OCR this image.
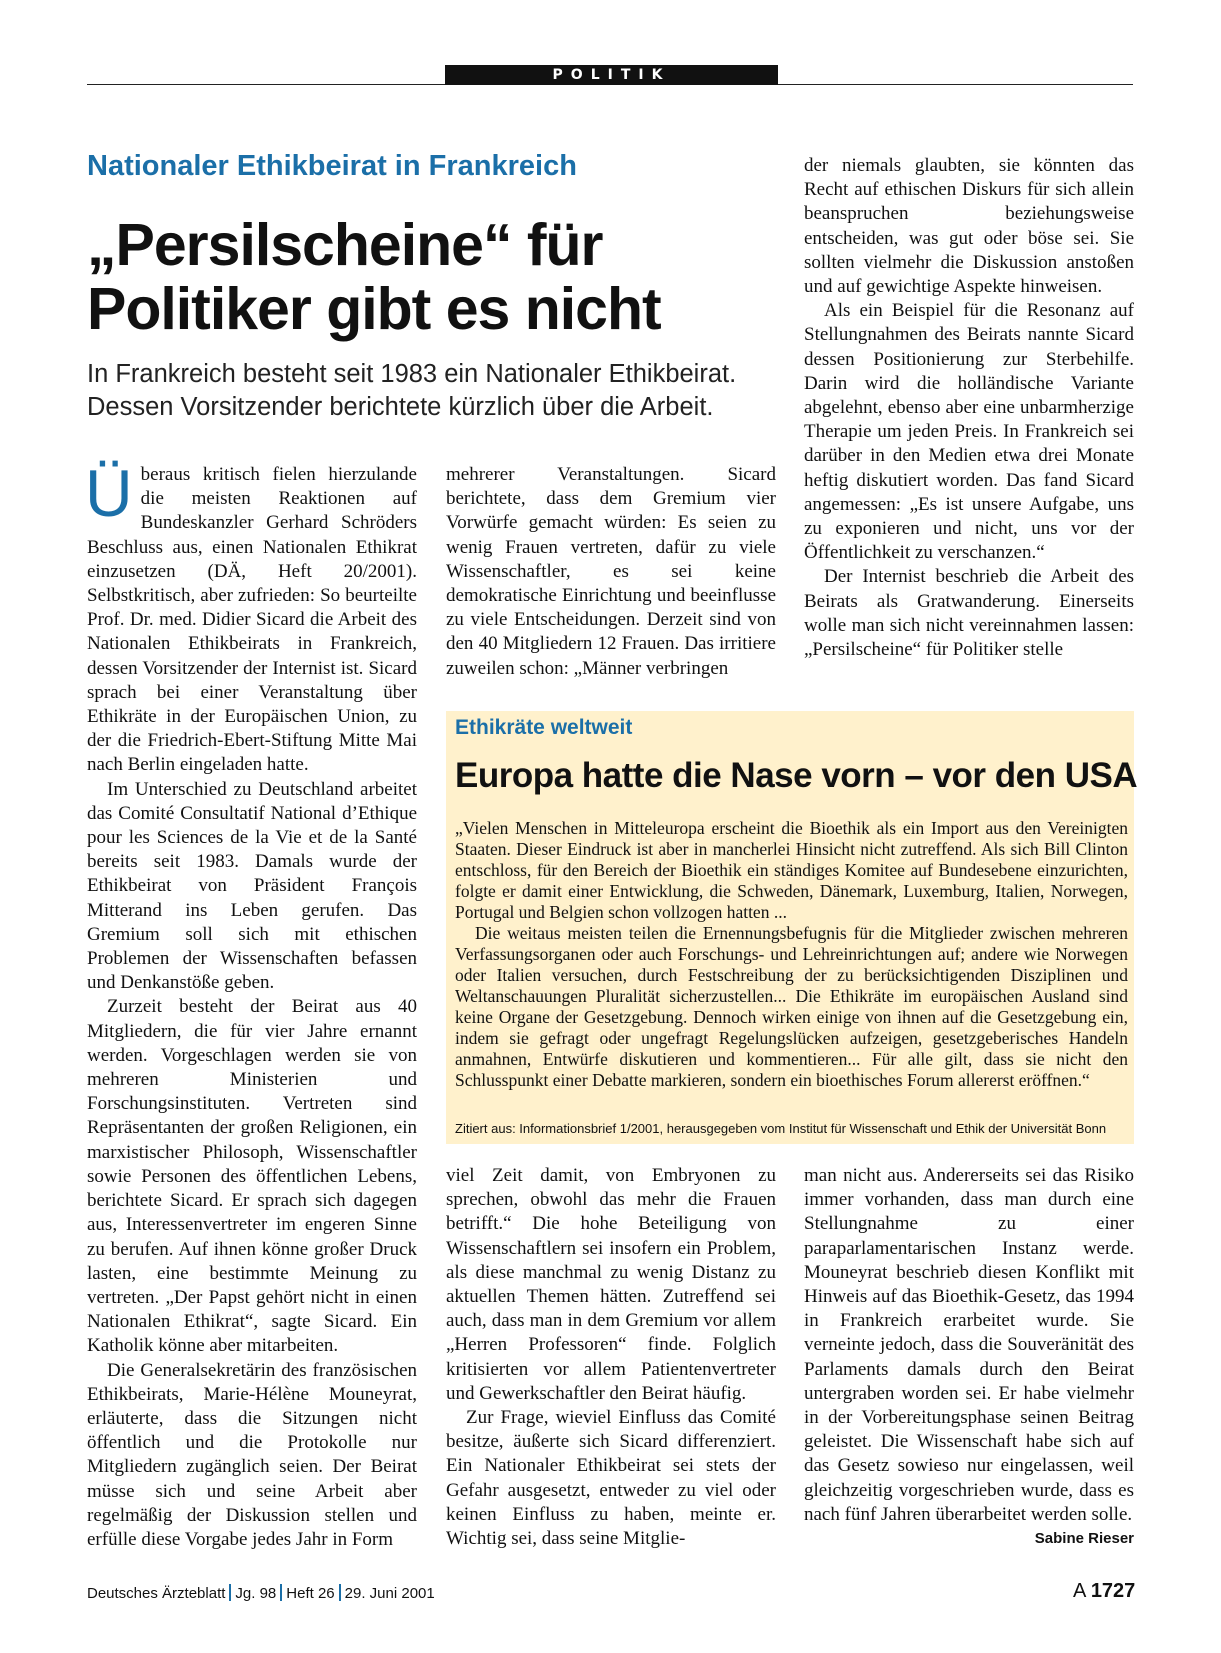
POLITIK
Nationaler Ethikbeirat in Frankreich
„Persilscheine“ für
Politiker gibt es nicht
In Frankreich besteht seit 1983 ein Nationaler Ethikbeirat.
Dessen Vorsitzender berichtete kürzlich über die Arbeit.

Überaus kritisch fielen hierzulande die meisten Reaktionen auf Bundeskanzler Gerhard Schröders Beschluss aus, einen Nationalen Ethikrat einzusetzen (DÄ, Heft 20/2001). Selbstkritisch, aber zufrieden: So beurteilte Prof. Dr. med. Didier Sicard die Arbeit des Nationalen Ethikbeirats in Frankreich, dessen Vorsitzender der Internist ist. Sicard sprach bei einer Veranstaltung über Ethikräte in der Europäischen Union, zu der die Friedrich-Ebert-Stiftung Mitte Mai nach Berlin eingeladen hatte.

Im Unterschied zu Deutschland arbeitet das Comité Consultatif National d’Ethique pour les Sciences de la Vie et de la Santé bereits seit 1983. Damals wurde der Ethikbeirat von Präsident François Mitterand ins Leben gerufen. Das Gremium soll sich mit ethischen Problemen der Wissenschaften befassen und Denkanstöße geben.

Zurzeit besteht der Beirat aus 40 Mitgliedern, die für vier Jahre ernannt werden. Vorgeschlagen werden sie von mehreren Ministerien und Forschungsinstituten. Vertreten sind Repräsentanten der großen Religionen, ein marxistischer Philosoph, Wissenschaftler sowie Personen des öffentlichen Lebens, berichtete Sicard. Er sprach sich dagegen aus, Interessenvertreter im engeren Sinne zu berufen. Auf ihnen könne großer Druck lasten, eine bestimmte Meinung zu vertreten. „Der Papst gehört nicht in einen Nationalen Ethikrat“, sagte Sicard. Ein Katholik könne aber mitarbeiten.

Die Generalsekretärin des französischen Ethikbeirats, Marie-Hélène Mouneyrat, erläuterte, dass die Sitzungen nicht öffentlich und die Protokolle nur Mitgliedern zugänglich seien. Der Beirat müsse sich und seine Arbeit aber regelmäßig der Diskussion stellen und erfülle diese Vorgabe jedes Jahr in Form

mehrerer Veranstaltungen. Sicard berichtete, dass dem Gremium vier Vorwürfe gemacht würden: Es seien zu wenig Frauen vertreten, dafür zu viele Wissenschaftler, es sei keine demokratische Einrichtung und beeinflusse zu viele Entscheidungen. Derzeit sind von den 40 Mitgliedern 12 Frauen. Das irritiere zuweilen schon: „Männer verbringen

der niemals glaubten, sie könnten das Recht auf ethischen Diskurs für sich allein beanspruchen beziehungsweise entscheiden, was gut oder böse sei. Sie sollten vielmehr die Diskussion anstoßen und auf gewichtige Aspekte hinweisen.

Als ein Beispiel für die Resonanz auf Stellungnahmen des Beirats nannte Sicard dessen Positionierung zur Sterbehilfe. Darin wird die holländische Variante abgelehnt, ebenso aber eine unbarmherzige Therapie um jeden Preis. In Frankreich sei darüber in den Medien etwa drei Monate heftig diskutiert worden. Das fand Sicard angemessen: „Es ist unsere Aufgabe, uns zu exponieren und nicht, uns vor der Öffentlichkeit zu verschanzen.“

Der Internist beschrieb die Arbeit des Beirats als Gratwanderung. Einerseits wolle man sich nicht vereinnahmen lassen: „Persilscheine“ für Politiker stelle

Ethikräte weltweit
Europa hatte die Nase vorn – vor den USA

„Vielen Menschen in Mitteleuropa erscheint die Bioethik als ein Import aus den Vereinigten Staaten. Dieser Eindruck ist aber in mancherlei Hinsicht nicht zutreffend. Als sich Bill Clinton entschloss, für den Bereich der Bioethik ein ständiges Komitee auf Bundesebene einzurichten, folgte er damit einer Entwicklung, die Schweden, Dänemark, Luxemburg, Italien, Norwegen, Portugal und Belgien schon vollzogen hatten ...

Die weitaus meisten teilen die Ernennungsbefugnis für die Mitglieder zwischen mehreren Verfassungsorganen oder auch Forschungs- und Lehreinrichtungen auf; andere wie Norwegen oder Italien versuchen, durch Festschreibung der zu berücksichtigenden Disziplinen und Weltanschauungen Pluralität sicherzustellen... Die Ethikräte im europäischen Ausland sind keine Organe der Gesetzgebung. Dennoch wirken einige von ihnen auf die Gesetzgebung ein, indem sie gefragt oder ungefragt Regelungslücken aufzeigen, gesetzgeberisches Handeln anmahnen, Entwürfe diskutieren und kommentieren... Für alle gilt, dass sie nicht den Schlusspunkt einer Debatte markieren, sondern ein bioethisches Forum allererst eröffnen.“

Zitiert aus: Informationsbrief 1/2001, herausgegeben vom Institut für Wissenschaft und Ethik der Universität Bonn

viel Zeit damit, von Embryonen zu sprechen, obwohl das mehr die Frauen betrifft.“ Die hohe Beteiligung von Wissenschaftlern sei insofern ein Problem, als diese manchmal zu wenig Distanz zu aktuellen Themen hätten. Zutreffend sei auch, dass man in dem Gremium vor allem „Herren Professoren“ finde. Folglich kritisierten vor allem Patientenvertreter und Gewerkschaftler den Beirat häufig.

Zur Frage, wieviel Einfluss das Comité besitze, äußerte sich Sicard differenziert. Ein Nationaler Ethikbeirat sei stets der Gefahr ausgesetzt, entweder zu viel oder keinen Einfluss zu haben, meinte er. Wichtig sei, dass seine Mitglie-

man nicht aus. Andererseits sei das Risiko immer vorhanden, dass man durch eine Stellungnahme zu einer paraparlamentarischen Instanz werde. Mouneyrat beschrieb diesen Konflikt mit Hinweis auf das Bioethik-Gesetz, das 1994 in Frankreich erarbeitet wurde. Sie verneinte jedoch, dass die Souveränität des Parlaments damals durch den Beirat untergraben worden sei. Er habe vielmehr in der Vorbereitungsphase seinen Beitrag geleistet. Die Wissenschaft habe sich auf das Gesetz sowieso nur eingelassen, weil gleichzeitig vorgeschrieben wurde, dass es nach fünf Jahren überarbeitet werden solle.
Sabine Rieser

Deutsches Ärzteblatt Jg. 98 Heft 26 29. Juni 2001	A 1727
